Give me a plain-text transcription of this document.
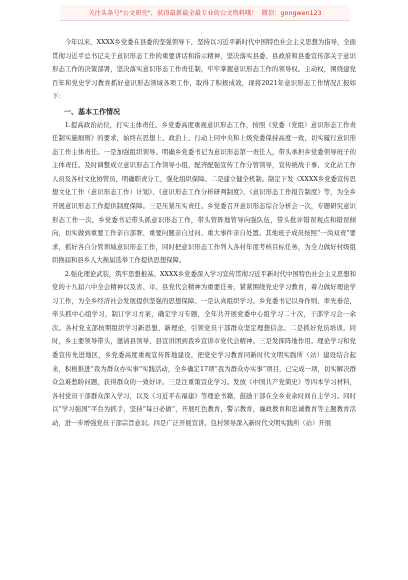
关注头条号"公文研究"，获得最新最全最专业的公文资料哦！ 微信：gongwen123

今年以来，XXXX乡党委在县委的坚强领导下，坚持以习近平新时代中国特色社会主义思想为指导，全面贯彻习近平总书记关于意识形态工作的重要讲话和指示精神，坚决落实县委、县政府和县委宣传部关于意识形态工作的决策部署，坚决落实意识形态工作责任制，牢牢掌握意识形态工作的领导权。主动权，围绕建党百年和党史学习教育抓好意识形态领域各项工作，取得了积极成效，现将2021年意识形态工作情况汇报如下：

一、基本工作情况

1.提高政治站位，打实主体责任。乡党委高度重视意识形态工作，按照《党委（党组）意识形态工作责任制实施细则》的要求，始终在思想上、政治上、行动上同中央和上级党委保持高度一致，切实履行意识形态工作主体责任。一是加强组织领导。明确乡党委书记为意识形态第一责任人，带头承担乡党委领导班子的主体责任。及时调整成立意识形态工作领导小组，配齐配强宣传工作分管领导，宣传统战干事、文化站工作人员及各村文化协管员，明确职责分工，强化组织保障。二是建立健全机制。制定下发《XXXX乡党委宣传思想文化工作（意识形态工作）计划》、《意识形态工作分析研判制度》、《意识形态工作报告制度》等，为全乡开展意识形态工作提供制度保障。三是压紧压实责任。乡党委召开意识形态综合分析会一次，专题研究意识形态工作一次。乡党委书记带头抓意识形态工作，带头管阵地管导向强队伍，带头批评错误观点和错误倾向，切实做到重要工作亲自部署、重要问题亲自过问、重大事件亲自处置。其他班子成员按照“一岗双责”要求，抓好各自分管领域意识形态工作，同时把意识形态工作列入各村年度考核目标任务，为全力做好村级组织换届和县乡人大换届选举工作提供思想保障。

2.强化理论武装，筑牢思想根基。XXXX乡党委深入学习宣传贯彻习近平新时代中国特色社会主义思想和党的十九届六中全会精神以及省、市、县党代会精神为重要任务，紧紧围绕党史学习教育，着力做好理论学习工作，为全乡经济社会发展提供坚强的思想保障。一是认真组织学习。乡党委书记以身作则、率先垂范，牵头抓中心组学习，制订学习方案，确定学习专题，全年共开展党委中心组学习二十次，干部学习会一余次。各村党支部按期组织学习新思想、新理论，引领党员干部群众坚定理想信念。二是抓好党员培训。同时，乡主要领导带头，邀请县领导、县宣讲团到我乡宣讲市党代会精神。三是发挥阵地作用。理论学习和党委宣传先进地区，乡党委高度重视宣传阵地建设，把党史学习教育同新时代文明实践所（站）建设结合起来，积极推进“我为群众办实事”实践活动，全乡确定17项“我为群众办实事”项目，已完成一项，切实解决群众急难愁盼问题，获得群众的一致好评。三是注重策宣化学习。发放《中国共产党简史》等四本学习材料，各村党员干部群众深入学习，以及《习近平在福建》等理论书籍，鼓励干部在全乡业余时间自主学习。同时以“学习强国”平台为抓手，坚持“每日必做”，开展红色教育，警示教育，廉政教育和忠诚教育等主题教育活动，进一步增强党员干部宗旨意识。四是广泛开展宣讲。包村领导深入新时代文明实践所（站）开展
